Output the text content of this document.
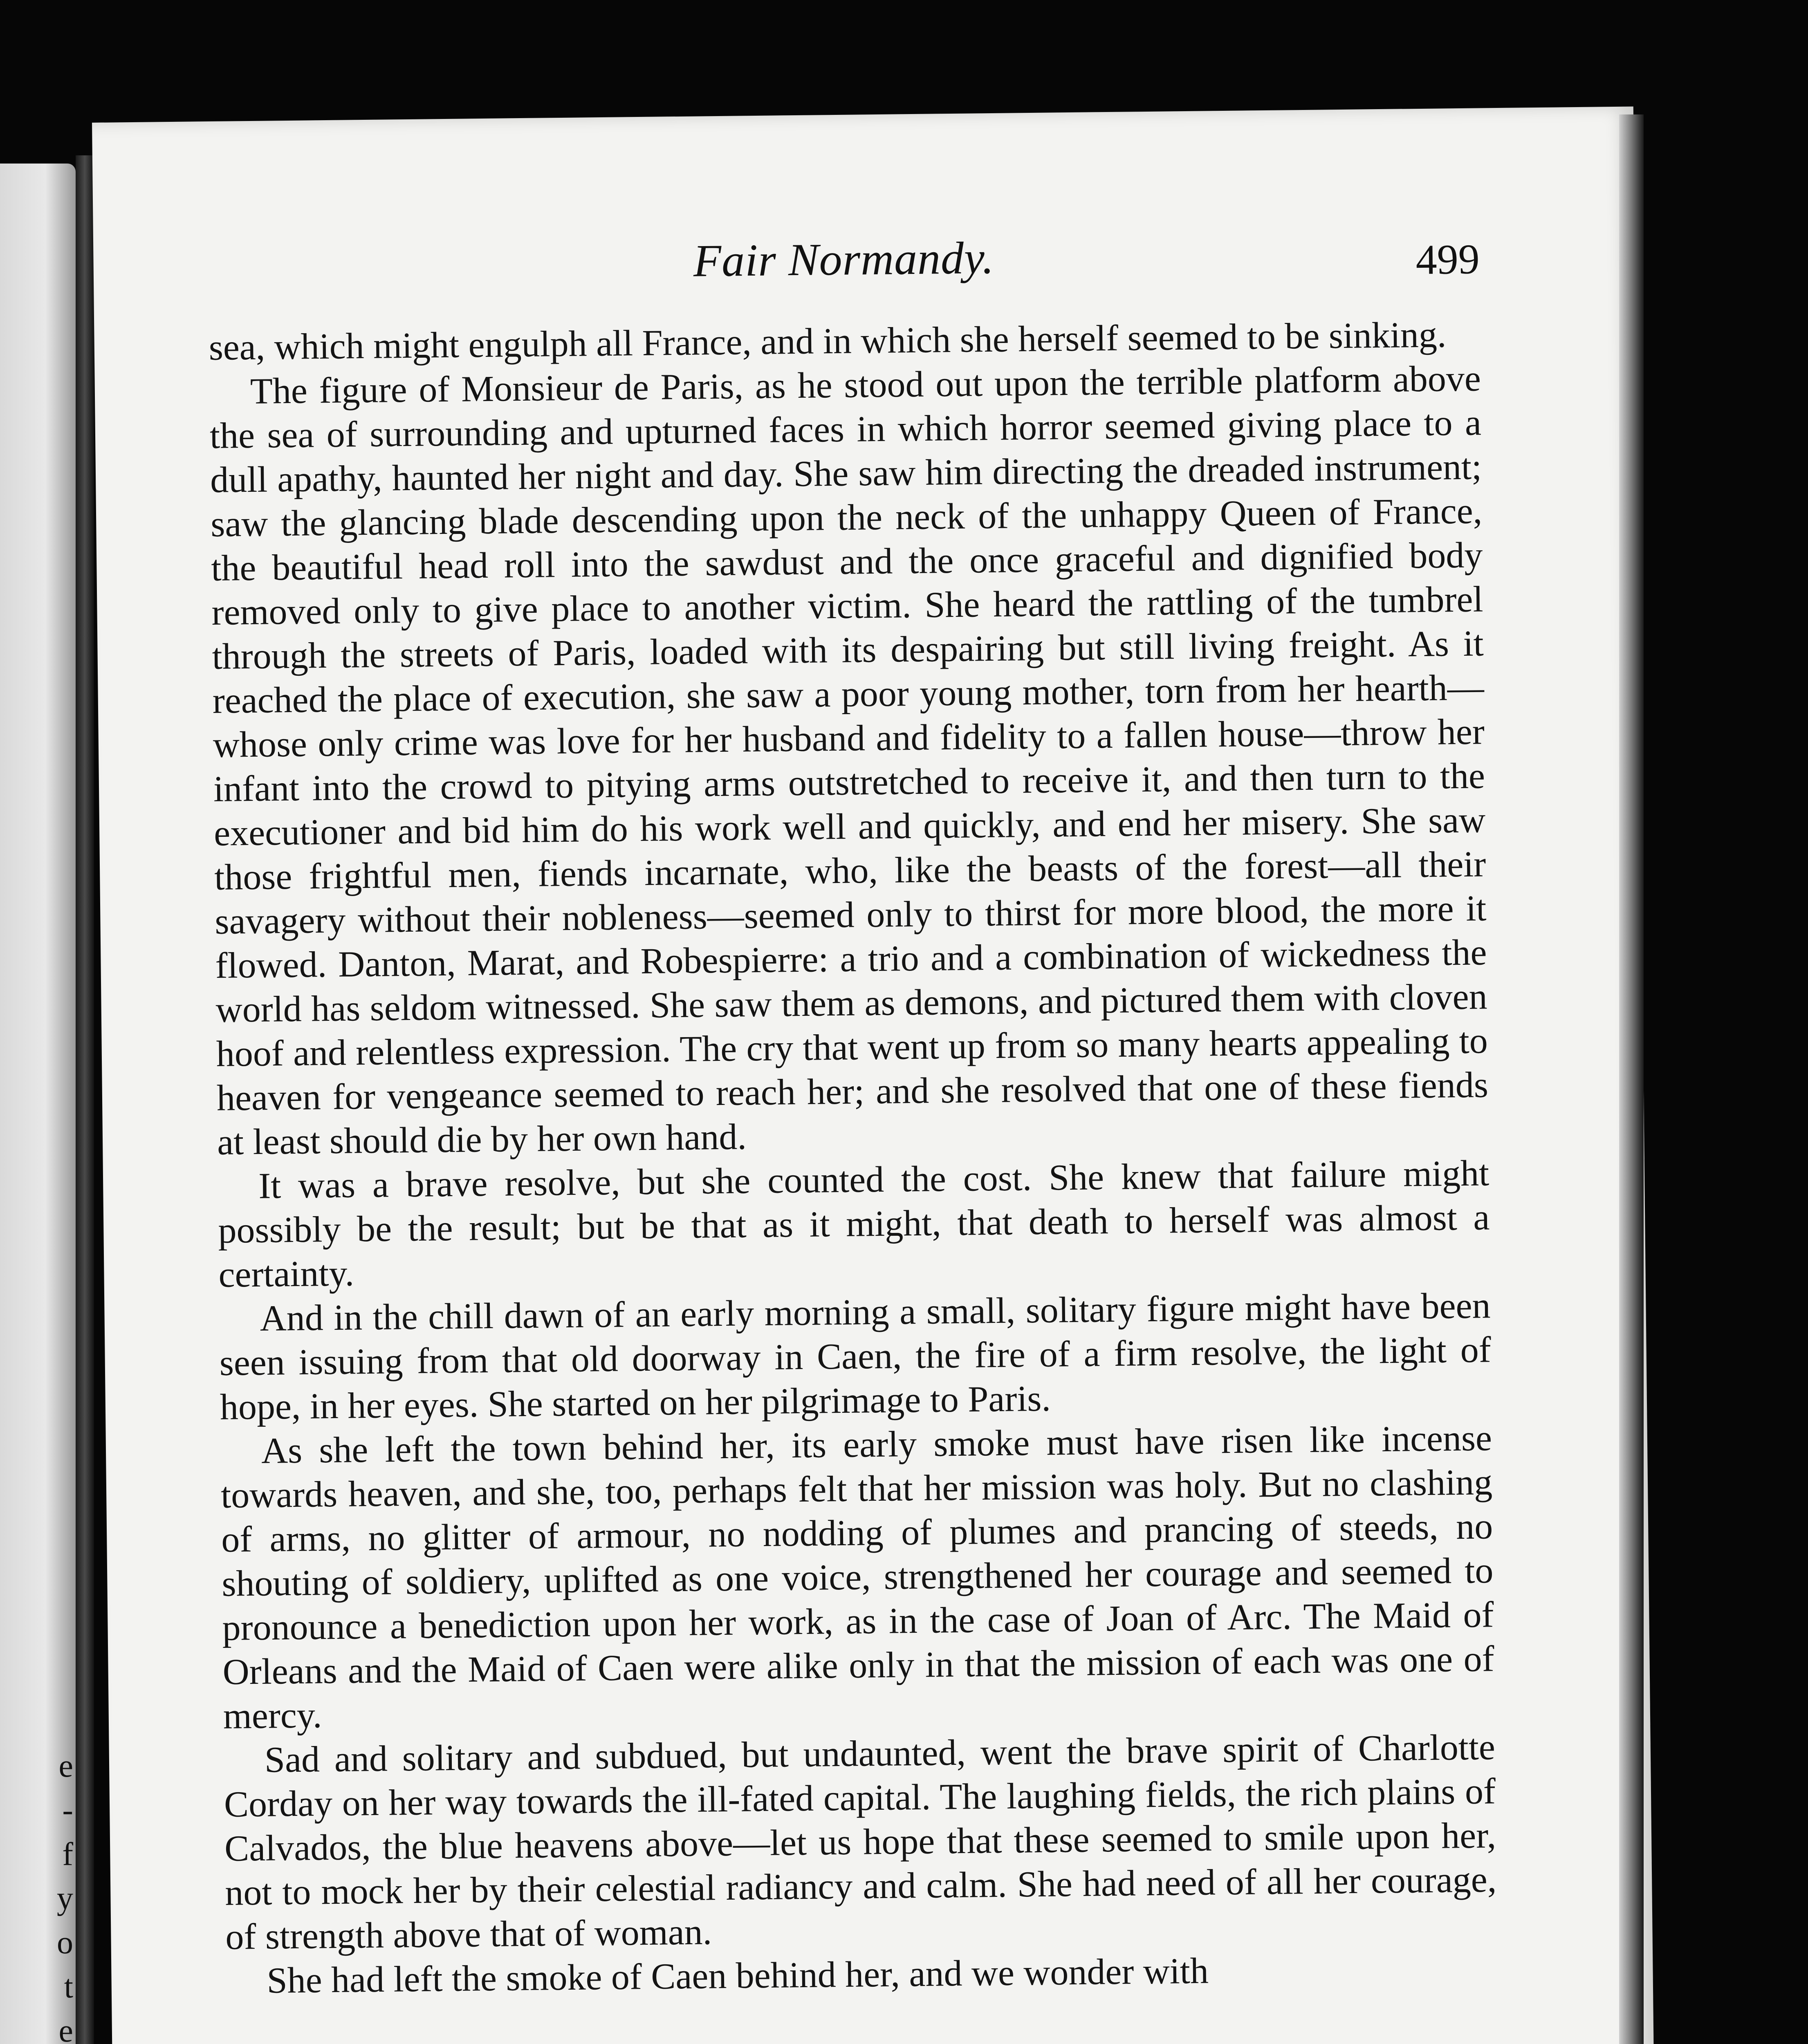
e
-
f
y
o
t
e
Fair Normandy.	499

sea, which might engulph all France, and in which she herself seemed to be sinking.

The figure of Monsieur de Paris, as he stood out upon the terrible platform above the sea of surrounding and upturned faces in which horror seemed giving place to a dull apathy, haunted her night and day. She saw him directing the dreaded instrument; saw the glancing blade descending upon the neck of the unhappy Queen of France, the beautiful head roll into the sawdust and the once graceful and dignified body removed only to give place to another victim. She heard the rattling of the tumbrel through the streets of Paris, loaded with its despairing but still living freight. As it reached the place of execution, she saw a poor young mother, torn from her hearth—whose only crime was love for her husband and fidelity to a fallen house—throw her infant into the crowd to pitying arms outstretched to receive it, and then turn to the executioner and bid him do his work well and quickly, and end her misery. She saw those frightful men, fiends incarnate, who, like the beasts of the forest—all their savagery without their nobleness—seemed only to thirst for more blood, the more it flowed. Danton, Marat, and Robespierre: a trio and a combination of wickedness the world has seldom witnessed. She saw them as demons, and pictured them with cloven hoof and relentless expression. The cry that went up from so many hearts appealing to heaven for vengeance seemed to reach her; and she resolved that one of these fiends at least should die by her own hand.

It was a brave resolve, but she counted the cost. She knew that failure might possibly be the result; but be that as it might, that death to herself was almost a certainty.

And in the chill dawn of an early morning a small, solitary figure might have been seen issuing from that old doorway in Caen, the fire of a firm resolve, the light of hope, in her eyes. She started on her pilgrimage to Paris.

As she left the town behind her, its early smoke must have risen like incense towards heaven, and she, too, perhaps felt that her mission was holy. But no clashing of arms, no glitter of armour, no nodding of plumes and prancing of steeds, no shouting of soldiery, uplifted as one voice, strengthened her courage and seemed to pronounce a benediction upon her work, as in the case of Joan of Arc. The Maid of Orleans and the Maid of Caen were alike only in that the mission of each was one of mercy.

Sad and solitary and subdued, but undaunted, went the brave spirit of Charlotte Corday on her way towards the ill-fated capital. The laughing fields, the rich plains of Calvados, the blue heavens above—let us hope that these seemed to smile upon her, not to mock her by their celestial radiancy and calm. She had need of all her courage, of strength above that of woman.

She had left the smoke of Caen behind her, and we wonder with
